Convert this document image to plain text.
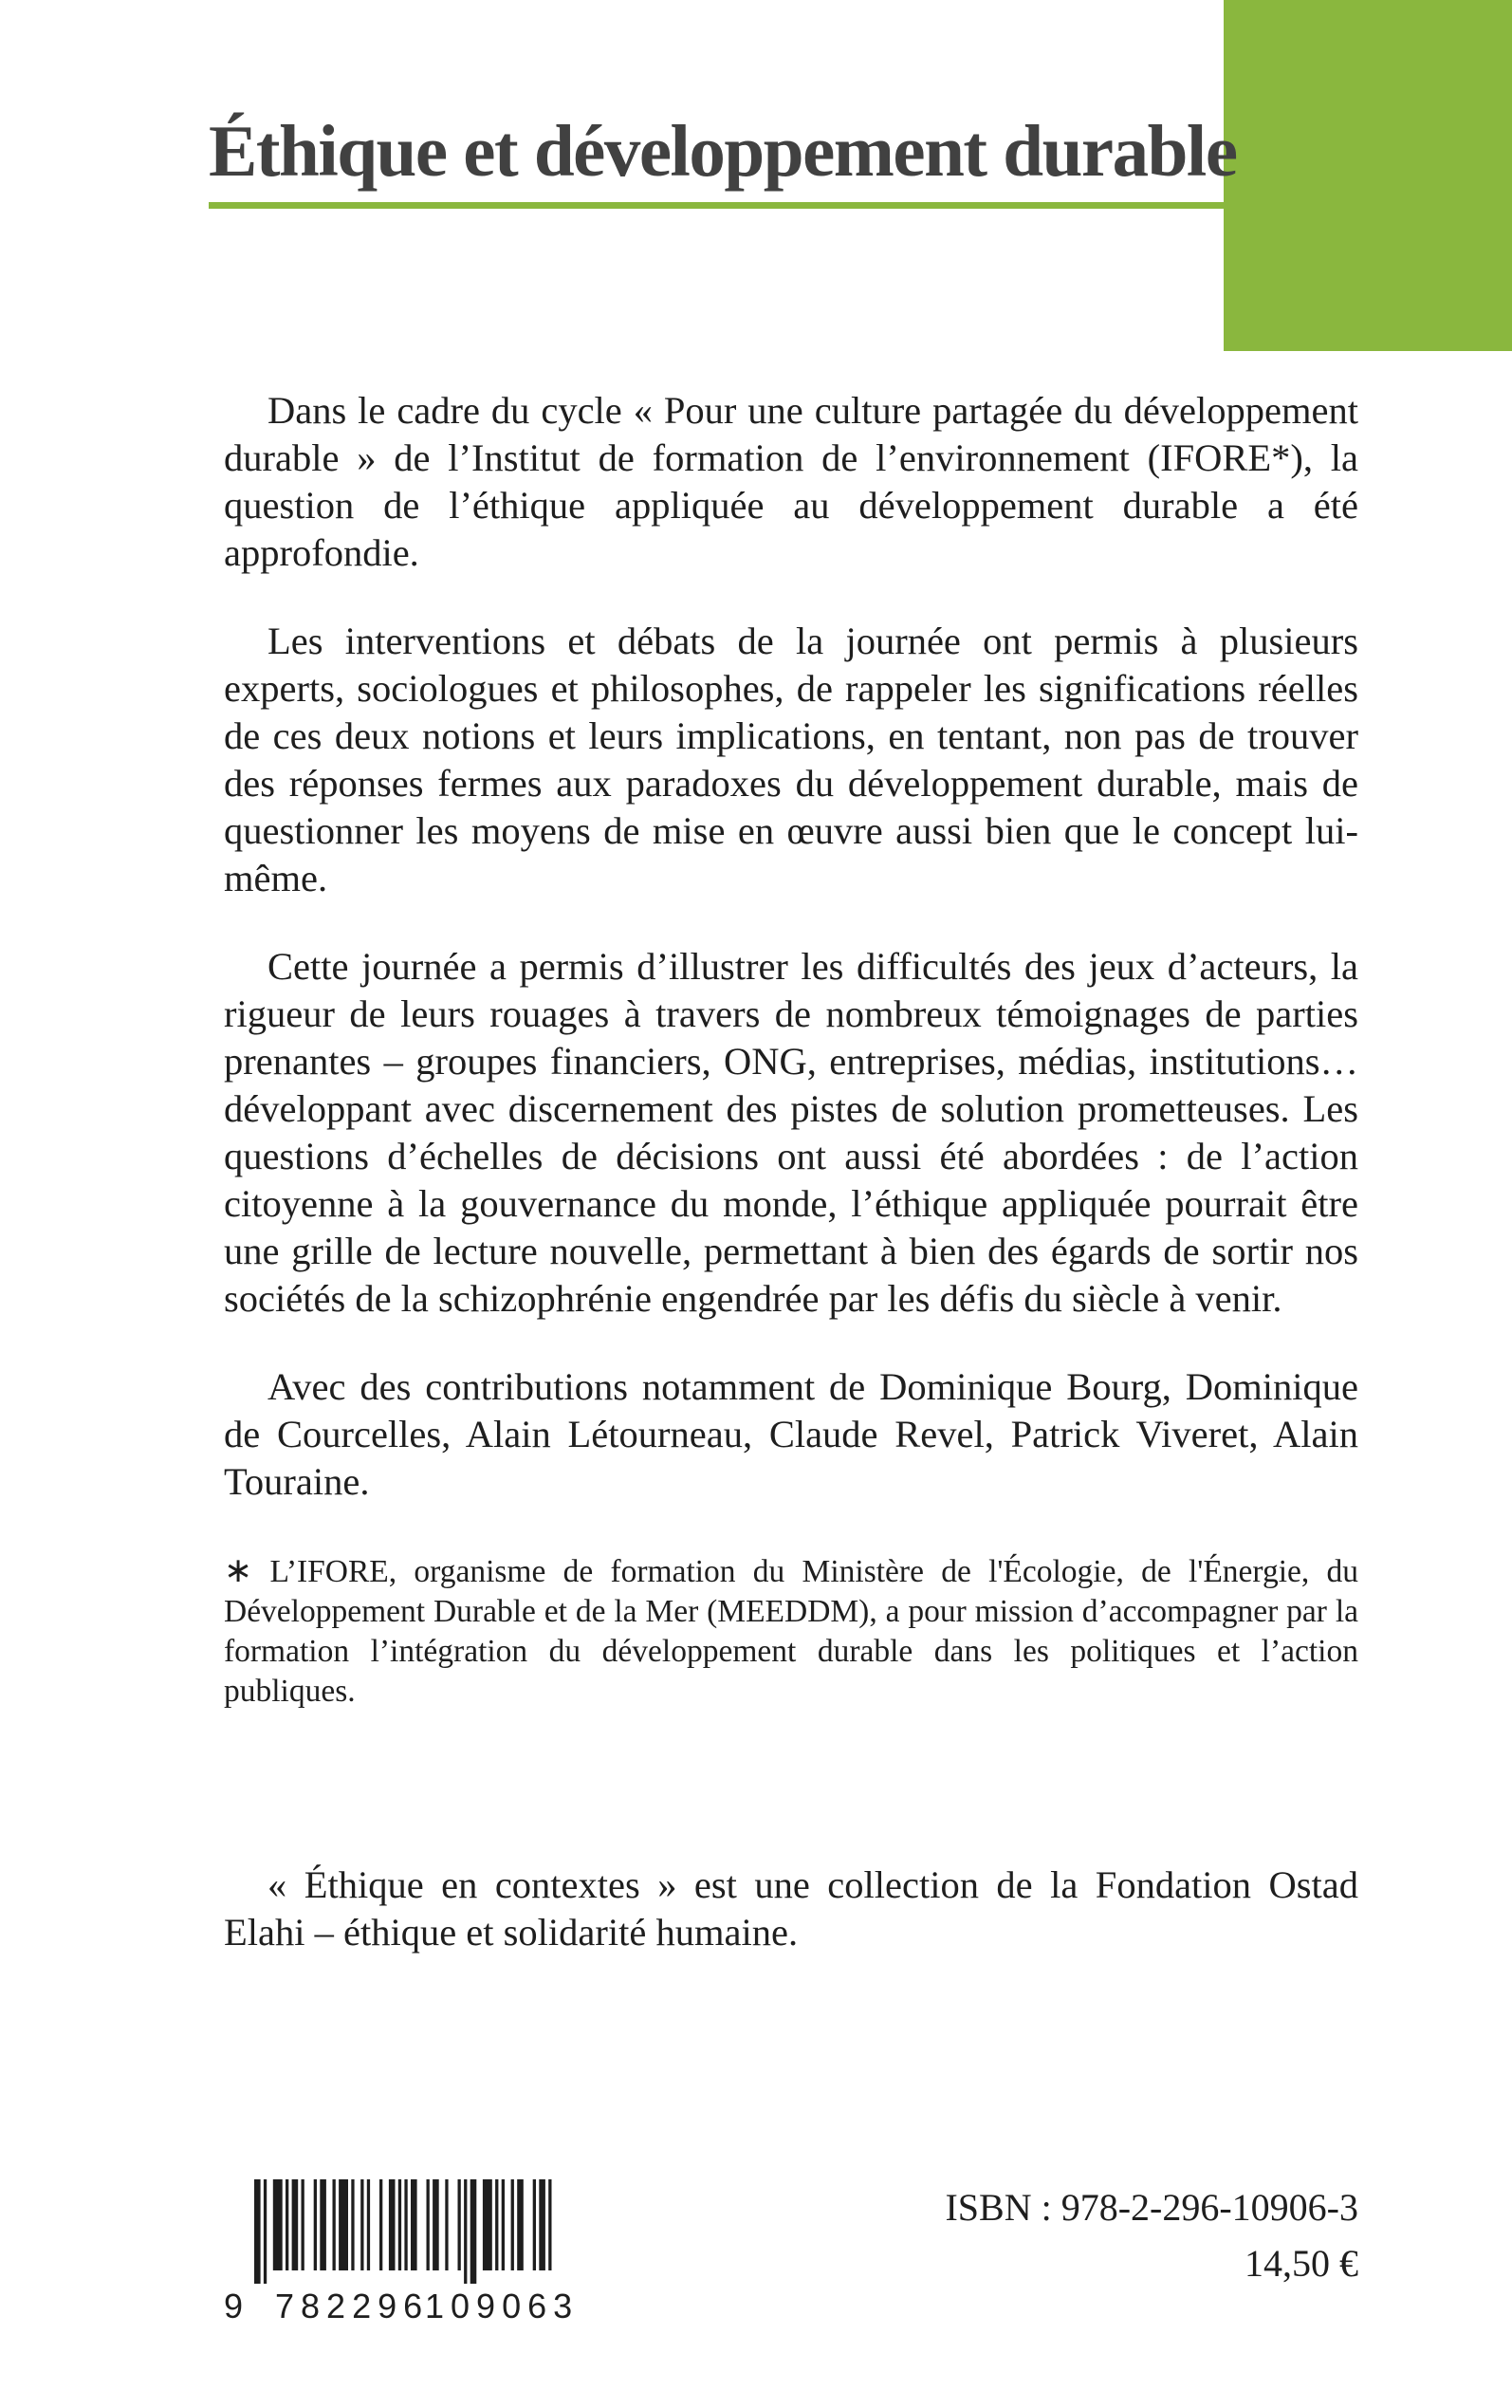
Éthique et développement durable

Dans le cadre du cycle « Pour une culture partagée du développement durable » de l’Institut de formation de l’environnement (IFORE*), la question de l’éthique appliquée au développement durable a été approfondie.

Les interventions et débats de la journée ont permis à plusieurs experts, sociologues et philosophes, de rappeler les significations réelles de ces deux notions et leurs implications, en tentant, non pas de trouver des réponses fermes aux paradoxes du développement durable, mais de questionner les moyens de mise en œuvre aussi bien que le concept lui-même.

Cette journée a permis d’illustrer les difficultés des jeux d’acteurs, la rigueur de leurs rouages à travers de nombreux témoignages de parties prenantes – groupes financiers, ONG, entreprises, médias, institutions… développant avec discernement des pistes de solution prometteuses. Les questions d’échelles de décisions ont aussi été abordées : de l’action citoyenne à la gouvernance du monde, l’éthique appliquée pourrait être une grille de lecture nouvelle, permettant à bien des égards de sortir nos sociétés de la schizophrénie engendrée par les défis du siècle à venir.

Avec des contributions notamment de Dominique Bourg, Dominique de Courcelles, Alain Létourneau, Claude Revel, Patrick Viveret, Alain Touraine.

∗ L’IFORE, organisme de formation du Ministère de l'Écologie, de l'Énergie, du Développement Durable et de la Mer (MEEDDM), a pour mission d’accompagner par la formation l’intégration du développement durable dans les politiques et l’action publiques.

« Éthique en contextes » est une collection de la Fondation Ostad Elahi – éthique et solidarité humaine.

9 782296
109063

ISBN : 978-2-296-10906-3

14,50 €
